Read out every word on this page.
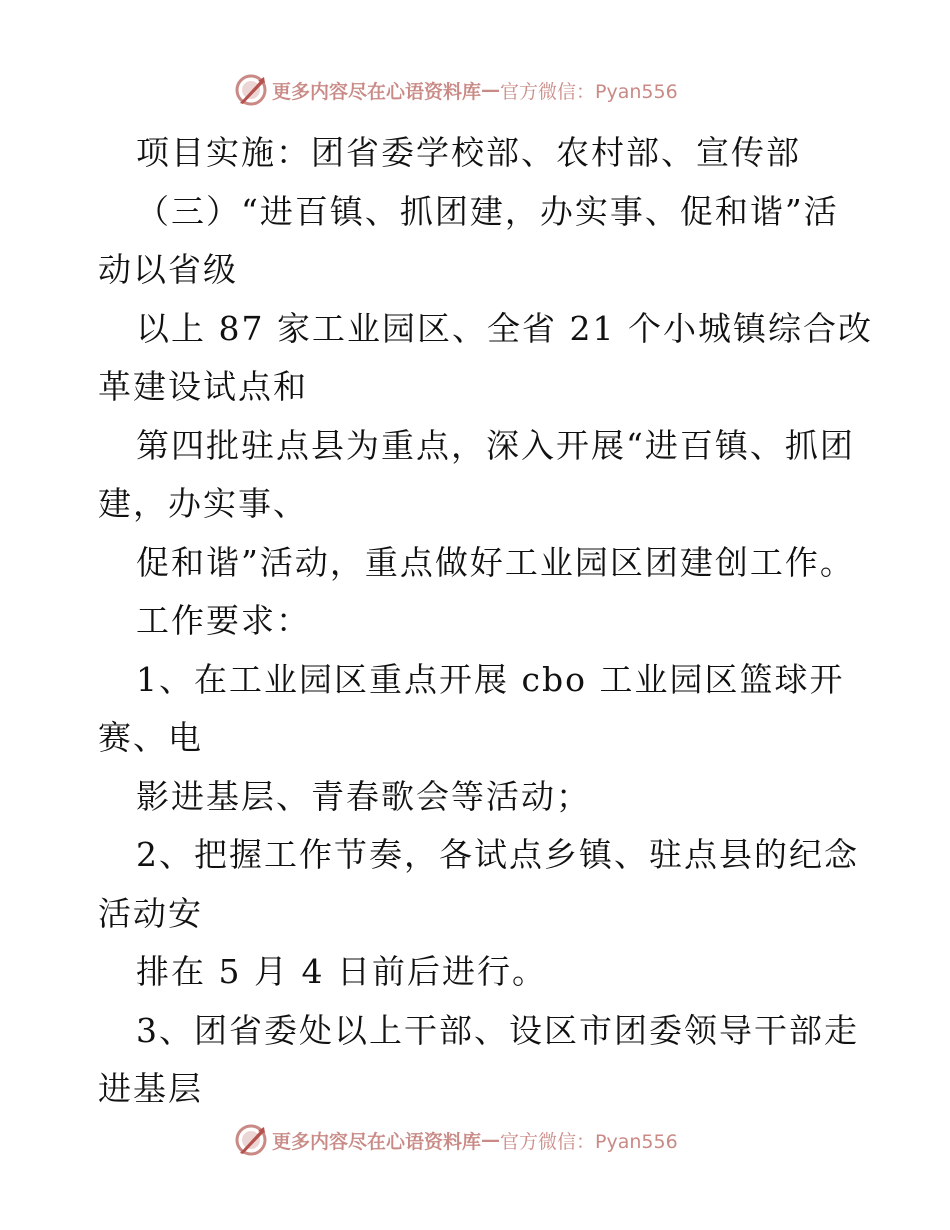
更多内容尽在心语资料库 — 官方微信：Pyan556
项目实施：团省委学校部、农村部、宣传部
（三）“进百镇、抓团建，办实事、促和谐”活
动以省级
以上 87 家工业园区、全省 21 个小城镇综合改
革建设试点和
第四批驻点县为重点，深入开展“进百镇、抓团
建，办实事、
促和谐”活动，重点做好工业园区团建创工作。
工作要求：
1、在工业园区重点开展 cbo 工业园区篮球开
赛、电
影进基层、青春歌会等活动；
2、把握工作节奏，各试点乡镇、驻点县的纪念
活动安
排在 5 月 4 日前后进行。
3、团省委处以上干部、设区市团委领导干部走
进基层
更多内容尽在心语资料库 — 官方微信：Pyan556
